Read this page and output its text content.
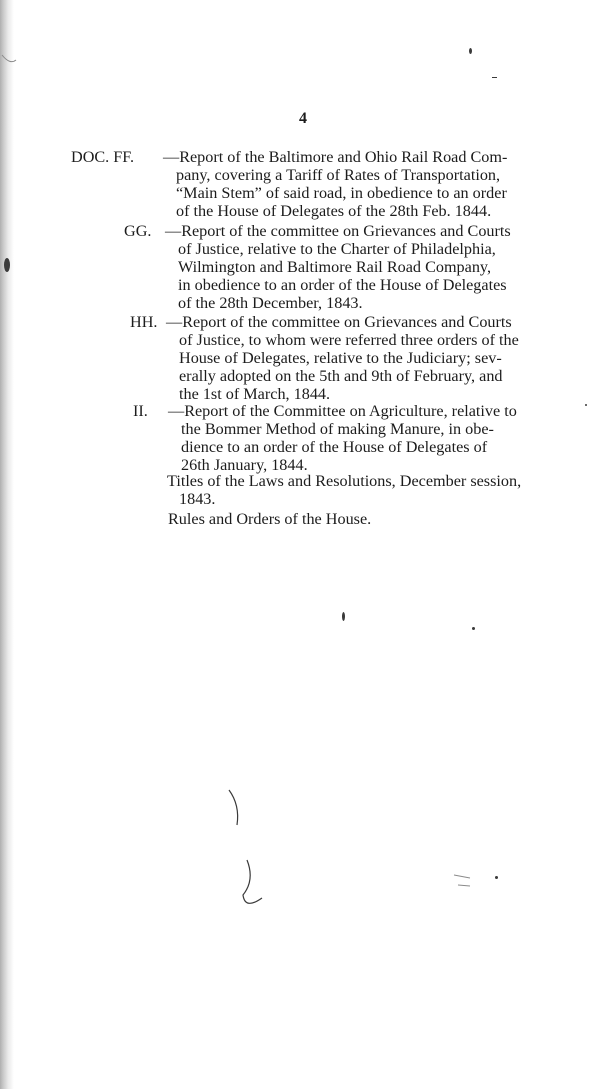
4
DOC. FF. —Report of the Baltimore and Ohio Rail Road Com-
pany, covering a Tariff of Rates of Transportation,
“Main Stem” of said road, in obedience to an order
of the House of Delegates of the 28th Feb. 1844.
GG. —Report of the committee on Grievances and Courts
of Justice, relative to the Charter of Philadelphia,
Wilmington and Baltimore Rail Road Company,
in obedience to an order of the House of Delegates
of the 28th December, 1843.
HH. —Report of the committee on Grievances and Courts
of Justice, to whom were referred three orders of the
House of Delegates, relative to the Judiciary; sev-
erally adopted on the 5th and 9th of February, and
the 1st of March, 1844.
II. —Report of the Committee on Agriculture, relative to
the Bommer Method of making Manure, in obe-
dience to an order of the House of Delegates of
26th January, 1844.
Titles of the Laws and Resolutions, December session,
1843.
Rules and Orders of the House.
